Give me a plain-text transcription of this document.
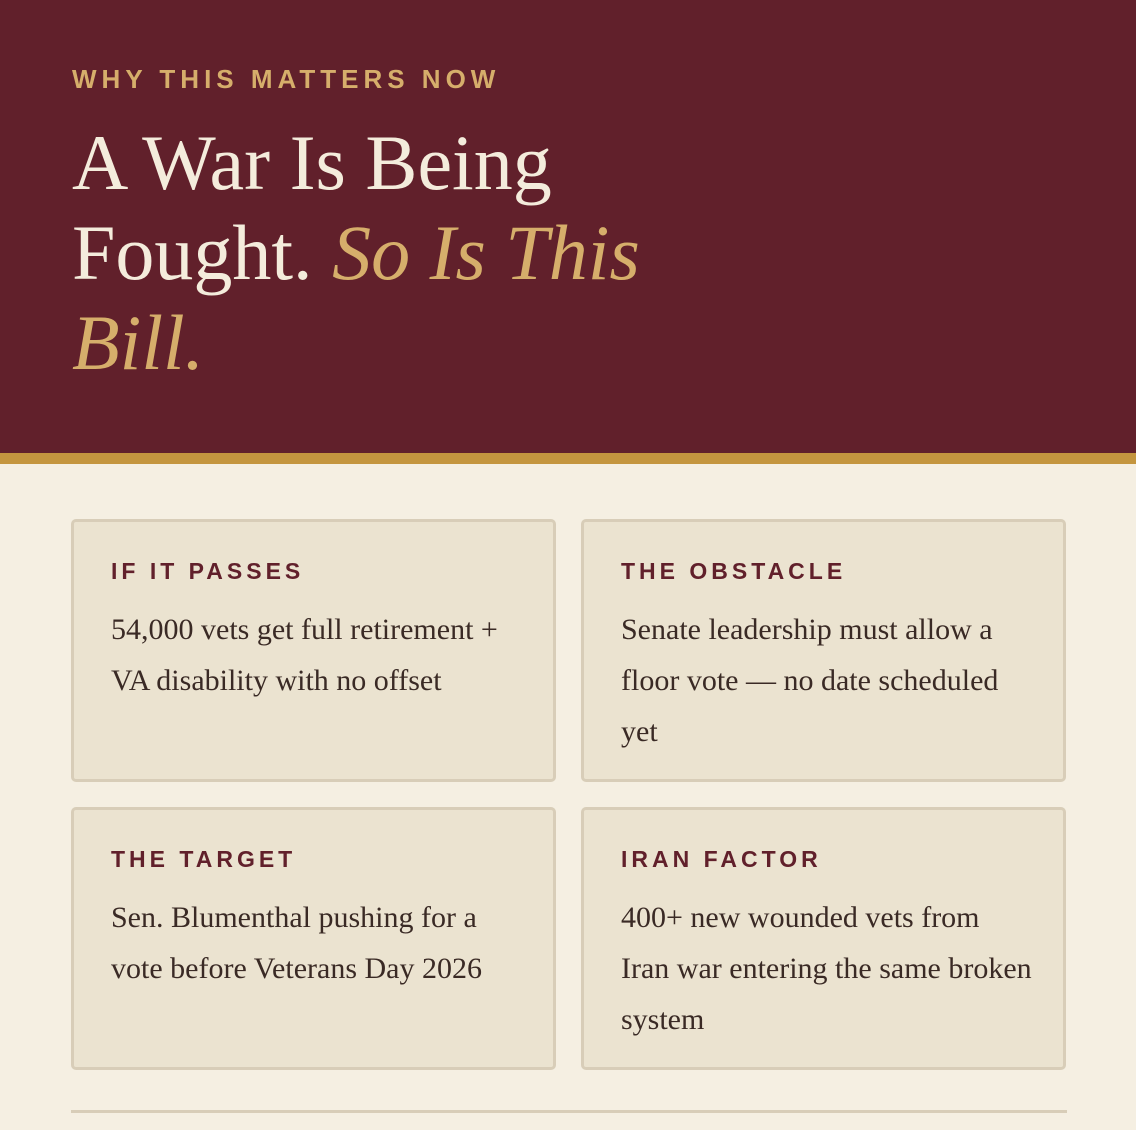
WHY THIS MATTERS NOW
A War Is Being Fought. So Is This Bill.
IF IT PASSES
54,000 vets get full retirement + VA disability with no offset
THE OBSTACLE
Senate leadership must allow a floor vote — no date scheduled yet
THE TARGET
Sen. Blumenthal pushing for a vote before Veterans Day 2026
IRAN FACTOR
400+ new wounded vets from Iran war entering the same broken system
